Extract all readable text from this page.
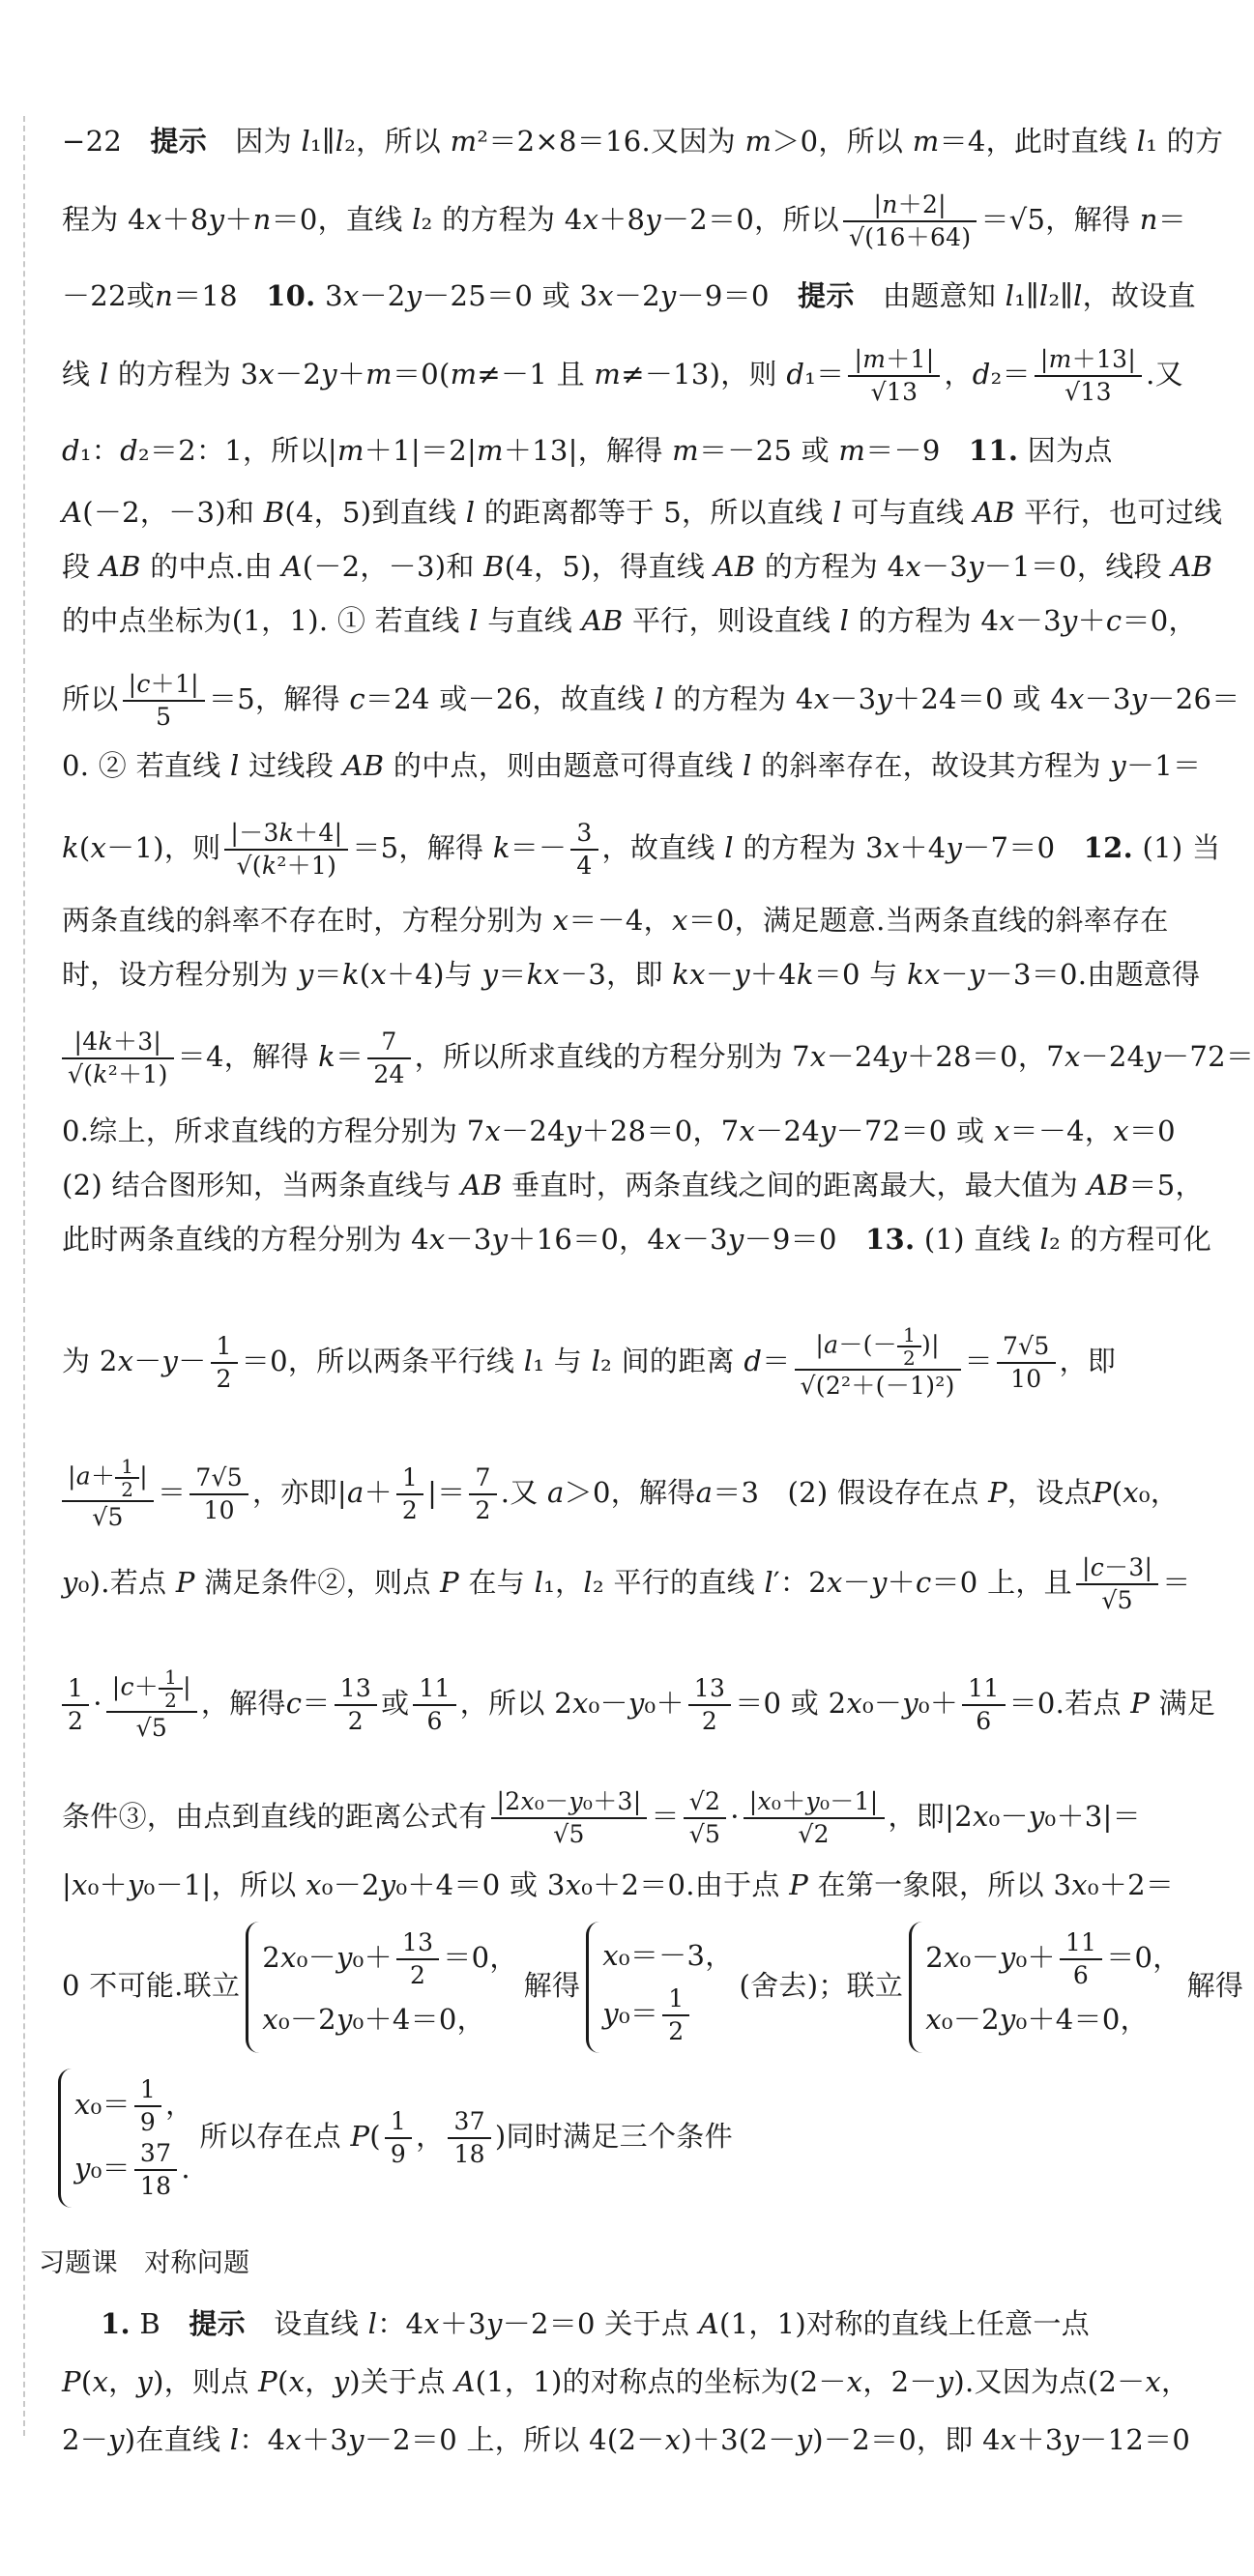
−22　提示　因为 l₁∥l₂，所以 m²＝2×8＝16.又因为 m＞0，所以 m＝4，此时直线 l₁ 的方
程为 4x＋8y＋n＝0，直线 l₂ 的方程为 4x＋8y－2＝0，所以 $\frac{|n+2|}{√(16+64)} =√5$，解得 n＝
－22或n＝18　10. 3x－2y－25＝0 或 3x－2y－9＝0　提示　由题意知 l₁∥l₂∥l，故设直
线 l 的方程为 3x－2y＋m＝0(m≠－1 且 m≠－13)，则 $d_1= \frac{|m+1|}{√13}$ ，$d_2= \frac{|m+13|}{√13}$ .又
d₁：d₂＝2：1，所以|m＋1|＝2|m＋13|，解得 m＝－25 或 m＝－9　11. 因为点
A(－2，－3)和 B(4，5)到直线 l 的距离都等于 5，所以直线 l 可与直线 AB 平行，也可过线
段 AB 的中点.由 A(－2，－3)和 B(4，5)，得直线 AB 的方程为 4x－3y－1＝0，线段 AB
的中点坐标为(1，1). ① 若直线 l 与直线 AB 平行，则设直线 l 的方程为 4x－3y＋c＝0，
所以 $\frac{|c+1|}{5} =5$，解得 c＝24 或－26，故直线 l 的方程为 4x－3y＋24＝0 或 4x－3y－26＝
0. ② 若直线 l 过线段 AB 的中点，则由题意可得直线 l 的斜率存在，故设其方程为 y－1＝
k(x－1)，则 $\frac{|-3k+4|}{\text{√(k²＋1)}} =5$，解得 $k=- \frac{3}{4}$ ，故直线 l 的方程为 3x＋4y－7＝0　12. (1) 当
两条直线的斜率不存在时，方程分别为 x＝－4，x＝0，满足题意.当两条直线的斜率存在
时，设方程分别为 y＝k(x＋4)与 y＝kx－3，即 kx－y＋4k＝0 与 kx－y－3＝0.由题意得
$\frac{|4k+3|}{\text{√(k²＋1)}} =4$，解得 $k= \frac{7}{24}$ ，所以所求直线的方程分别为 7x－24y＋28＝0，7x－24y－72＝
0.综上，所求直线的方程分别为 7x－24y＋28＝0，7x－24y－72＝0 或 x＝－4，x＝0
(2) 结合图形知，当两条直线与 AB 垂直时，两条直线之间的距离最大，最大值为 AB＝5，
此时两条直线的方程分别为 4x－3y＋16＝0，4x－3y－9＝0　13. (1) 直线 l₂ 的方程可化
为 $2x-y- \frac{1}{2} =0$，所以两条平行线 l₁ 与 l₂ 间的距离 $d= \frac{|a-(- \frac{1}{2} )|}{\text{√(2²＋(－1)²)}} = \frac{7√5}{10}$ ，即
$\frac{|a+ \frac{1}{2} |}{√5} = \frac{7√5}{10}$ ，亦即$|a+ \frac{1}{2}$ |＝ $\frac{7}{2}$ .又 a＞0，解得a＝3　(2) 假设存在点 P，设点P(x₀，
y₀).若点 P 满足条件②，则点 P 在与 l₁，l₂ 平行的直线 l′：2x－y＋c＝0 上，且 $\frac{|c-3|}{√5}$ ＝
$\frac{1}{2} \cdot \frac{|c+ \frac{1}{2} |}{√5}$ ，解得$c= \frac{13}{2}$ 或 $\frac{11}{6}$ ，所以 $2x_0-y_0+ \frac{13}{2} =0$ 或 $2x_0-y_0+ \frac{11}{6} =0$.若点 P 满足
条件③，由点到直线的距离公式有 $\frac{\text{|2x₀－y₀＋3|}}{√5} = \frac{√2}{√5} \cdot \frac{\text{|x₀＋y₀－1|}}{√2}$ ，即|2x₀－y₀＋3|＝
|x₀＋y₀－1|，所以 x₀－2y₀＋4＝0 或 3x₀＋2＝0.由于点 P 在第一象限，所以 3x₀＋2＝
0 不可能.联立
$2x_0-y_0+ \frac{13}{2} =0$，
x₀－2y₀＋4＝0，
解得
x₀＝－3，
$y_0= \frac{1}{2}$ (舍去)；联立
$2x_0-y_0+ \frac{11}{6} =0$，
x₀－2y₀＋4＝0，
解得
$x_0= \frac{1}{9}$ ，
$y_0= \frac{37}{18}$ .
所以存在点 $P( \frac{1}{9}$ ， $\frac{37}{18}$ )同时满足三个条件
习题课　对称问题
1. B　提示　设直线 l：4x＋3y－2＝0 关于点 A(1，1)对称的直线上任意一点
P(x，y)，则点 P(x，y)关于点 A(1，1)的对称点的坐标为(2－x，2－y).又因为点(2－x，
2－y)在直线 l：4x＋3y－2＝0 上，所以 4(2－x)＋3(2－y)－2＝0，即 4x＋3y－12＝0
